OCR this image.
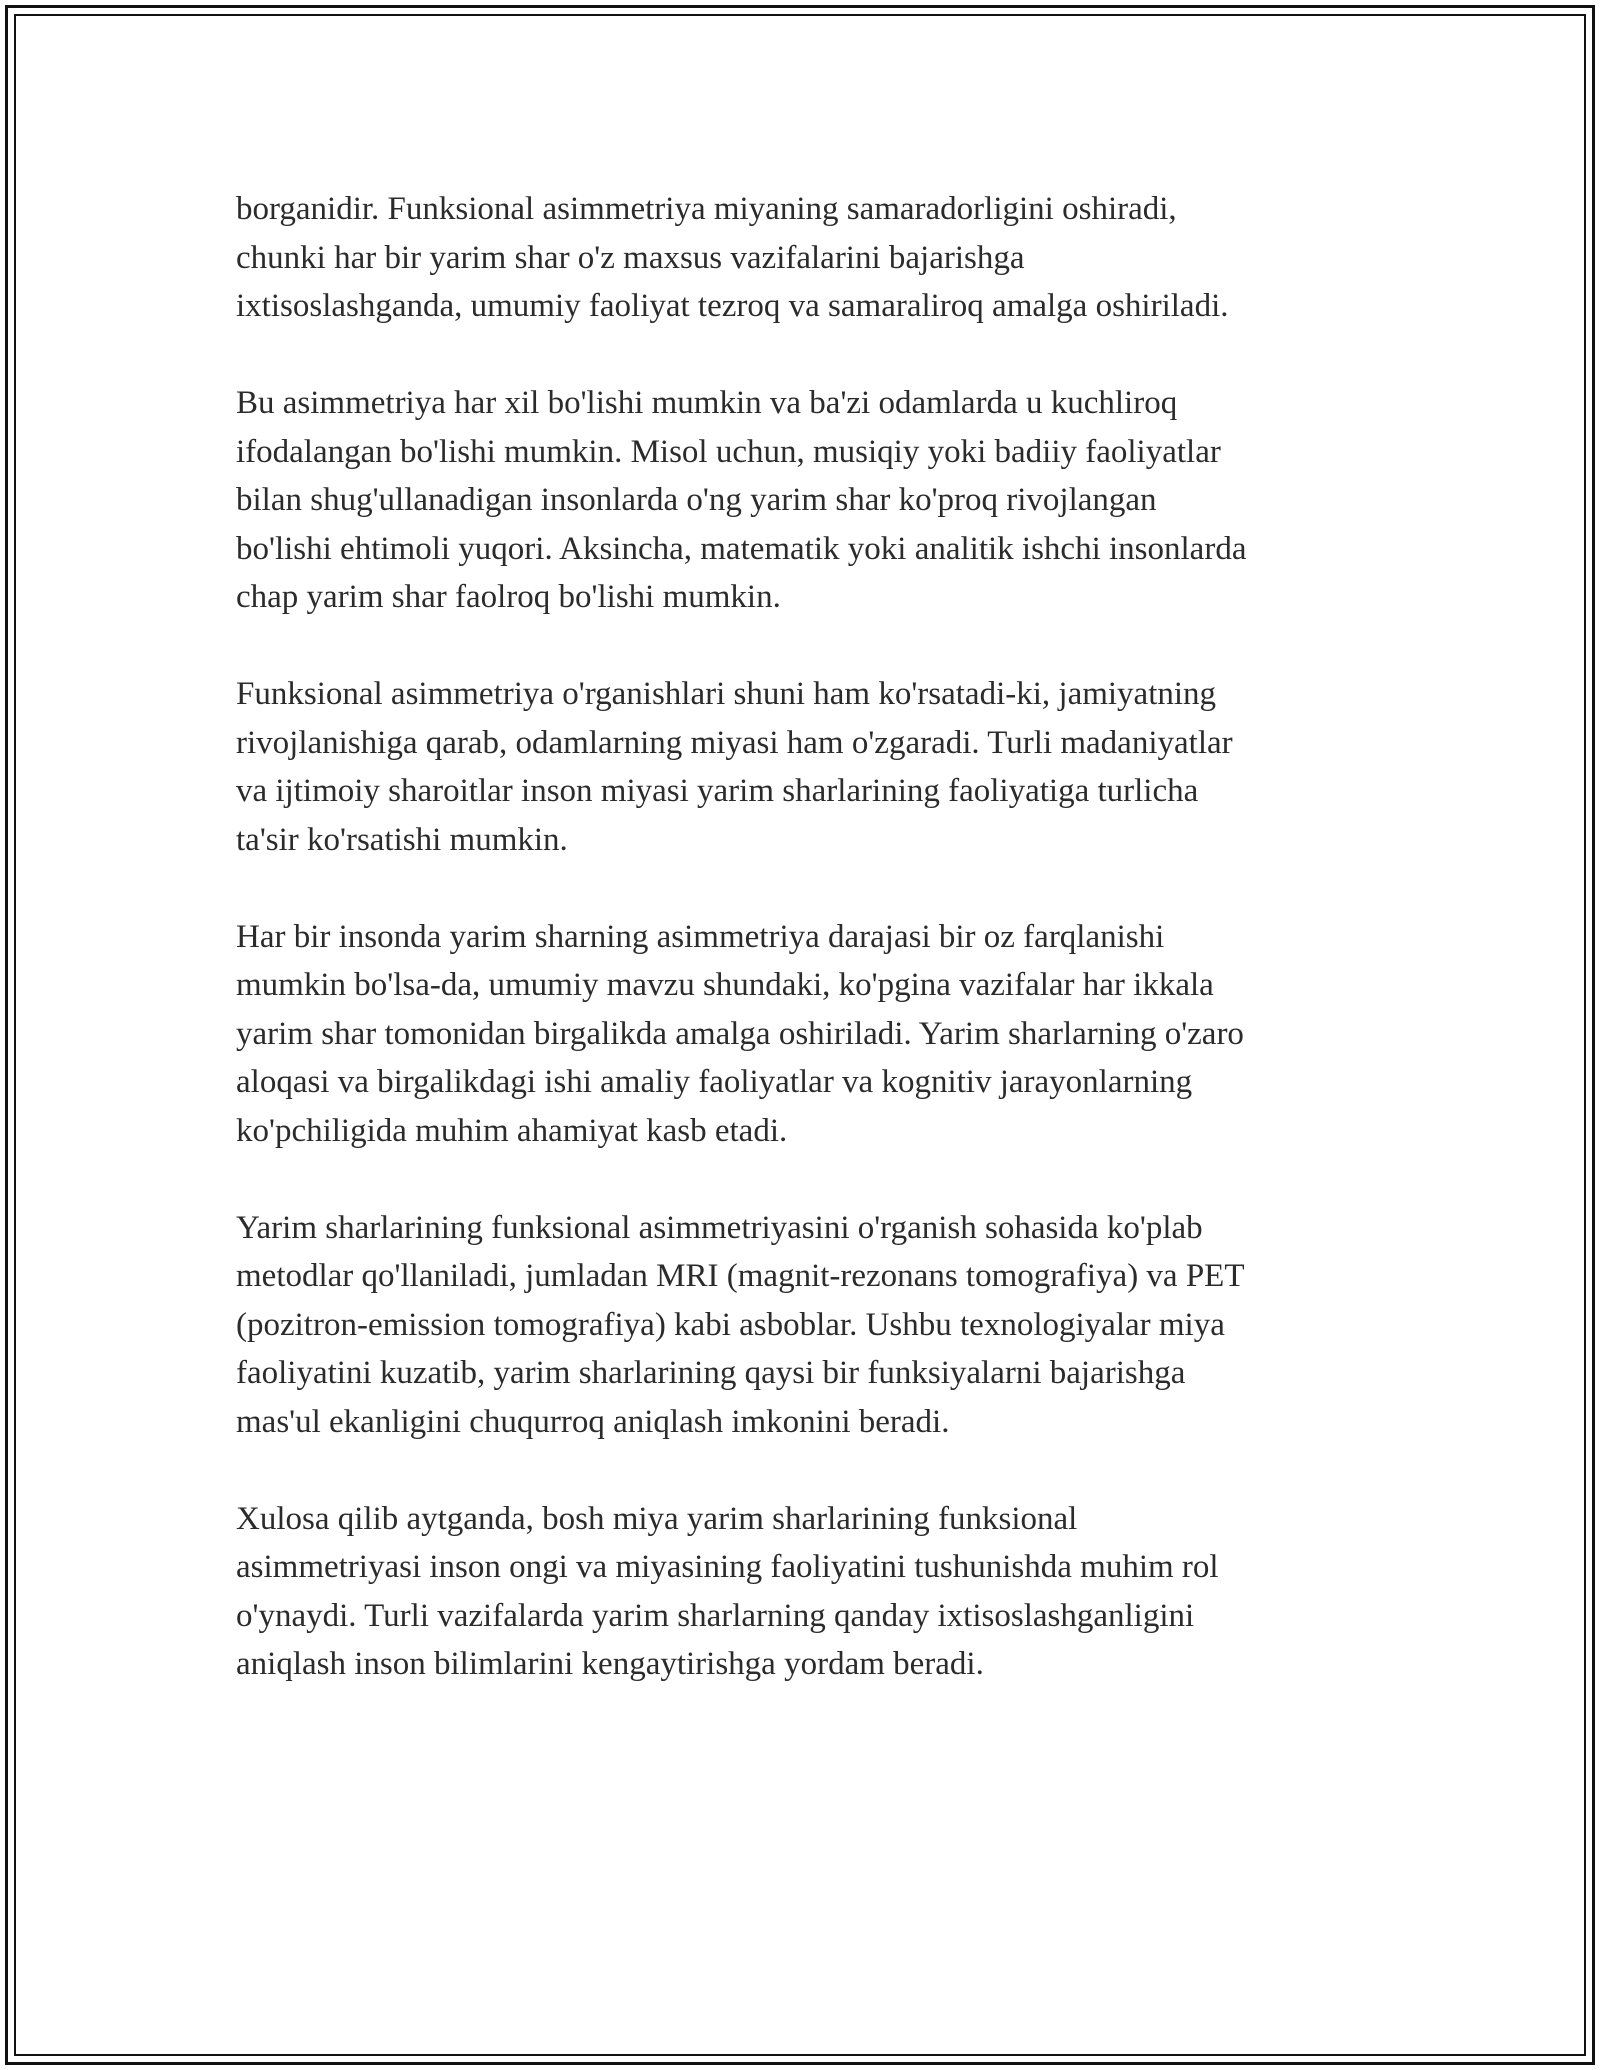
borganidir. Funksional asimmetriya miyaning samaradorligini oshiradi,
chunki har bir yarim shar o'z maxsus vazifalarini bajarishga
ixtisoslashganda, umumiy faoliyat tezroq va samaraliroq amalga oshiriladi.

Bu asimmetriya har xil bo'lishi mumkin va ba'zi odamlarda u kuchliroq
ifodalangan bo'lishi mumkin. Misol uchun, musiqiy yoki badiiy faoliyatlar
bilan shug'ullanadigan insonlarda o'ng yarim shar ko'proq rivojlangan
bo'lishi ehtimoli yuqori. Aksincha, matematik yoki analitik ishchi insonlarda
chap yarim shar faolroq bo'lishi mumkin.

Funksional asimmetriya o'rganishlari shuni ham ko'rsatadi-ki, jamiyatning
rivojlanishiga qarab, odamlarning miyasi ham o'zgaradi. Turli madaniyatlar
va ijtimoiy sharoitlar inson miyasi yarim sharlarining faoliyatiga turlicha
ta'sir ko'rsatishi mumkin.

Har bir insonda yarim sharning asimmetriya darajasi bir oz farqlanishi
mumkin bo'lsa-da, umumiy mavzu shundaki, ko'pgina vazifalar har ikkala
yarim shar tomonidan birgalikda amalga oshiriladi. Yarim sharlarning o'zaro
aloqasi va birgalikdagi ishi amaliy faoliyatlar va kognitiv jarayonlarning
ko'pchiligida muhim ahamiyat kasb etadi.

Yarim sharlarining funksional asimmetriyasini o'rganish sohasida ko'plab
metodlar qo'llaniladi, jumladan MRI (magnit-rezonans tomografiya) va PET
(pozitron-emission tomografiya) kabi asboblar. Ushbu texnologiyalar miya
faoliyatini kuzatib, yarim sharlarining qaysi bir funksiyalarni bajarishga
mas'ul ekanligini chuqurroq aniqlash imkonini beradi.

Xulosa qilib aytganda, bosh miya yarim sharlarining funksional
asimmetriyasi inson ongi va miyasining faoliyatini tushunishda muhim rol
o'ynaydi. Turli vazifalarda yarim sharlarning qanday ixtisoslashganligini
aniqlash inson bilimlarini kengaytirishga yordam beradi.
